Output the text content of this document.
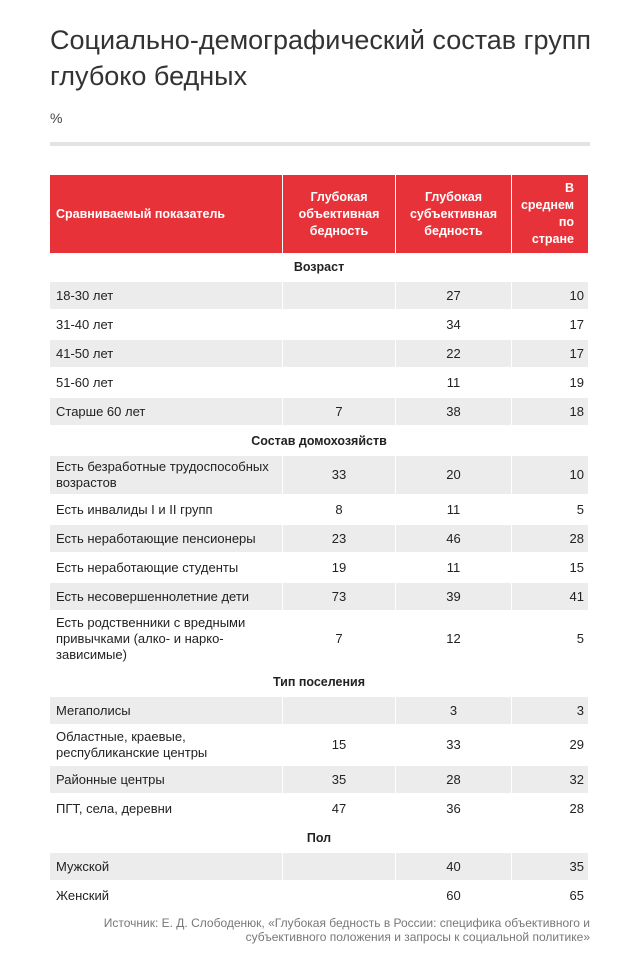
Социально-демографический состав групп глубоко бедных
%
Сравниваемый показатель	Глубокая объективная бедность	Глубокая субъективная бедность	В среднем по стране
Возраст			
18-30 лет		27	10
31-40 лет		34	17
41-50 лет		22	17
51-60 лет		11	19
Старше 60 лет	7	38	18
Состав домохозяйств			
Есть безработные трудоспособных возрастов	33	20	10
Есть инвалиды I и II групп	8	11	5
Есть неработающие пенсионеры	23	46	28
Есть неработающие студенты	19	11	15
Есть несовершеннолетние дети	73	39	41
Есть родственники с вредными привычками (алко- и нарко-зависимые)	7	12	5
Тип поселения			
Мегаполисы		3	3
Областные, краевые, республиканские центры	15	33	29
Районные центры	35	28	32
ПГТ, села, деревни	47	36	28
Пол			
Мужской		40	35
Женский		60	65
Источник: Е. Д. Слободенюк, «Глубокая бедность в России: специфика объективного и субъективного положения и запросы к социальной политике»
